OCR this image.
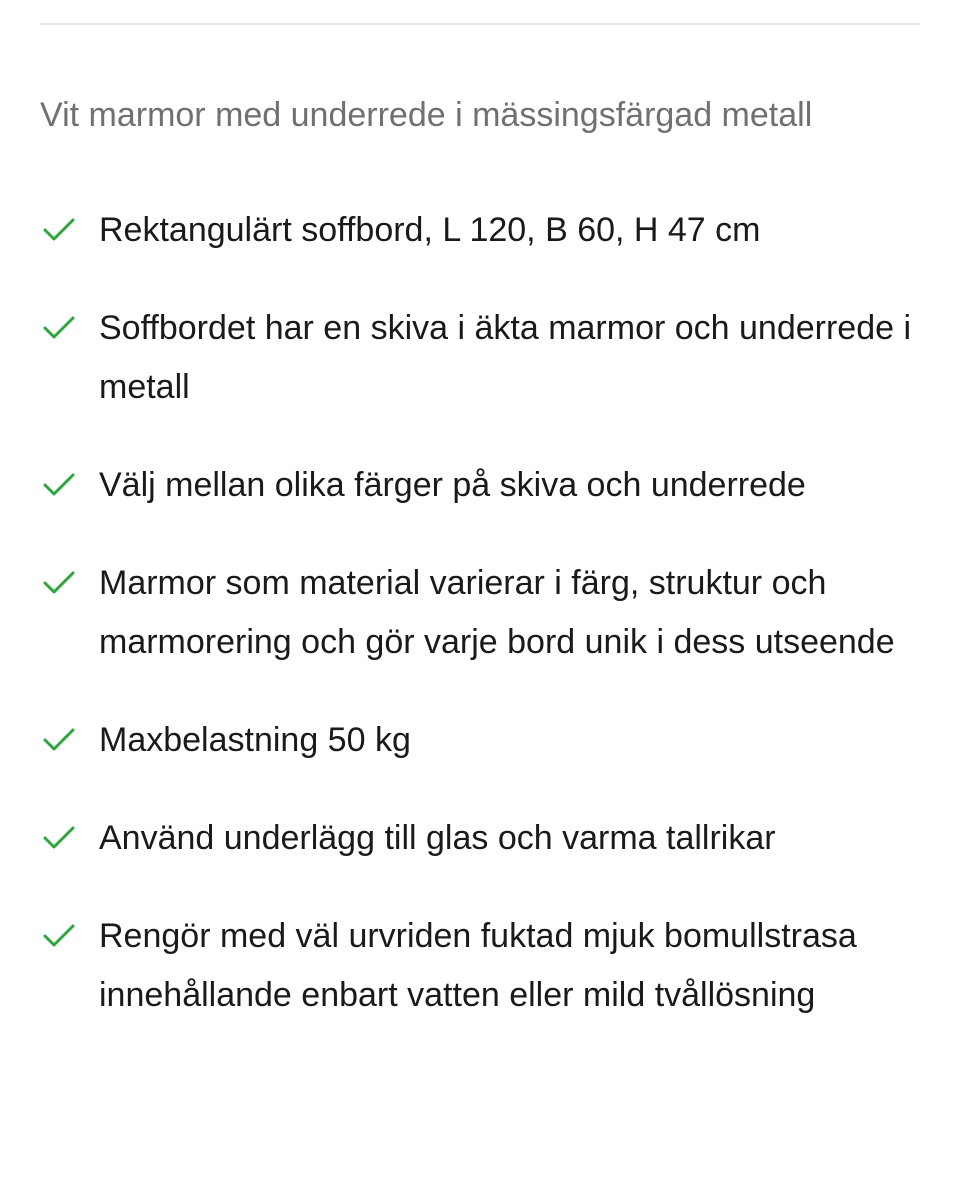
Vit marmor med underrede i mässingsfärgad metall

Rektangulärt soffbord, L 120, B 60, H 47 cm
Soffbordet har en skiva i äkta marmor och underrede i metall
Välj mellan olika färger på skiva och underrede
Marmor som material varierar i färg, struktur och marmorering och gör varje bord unik i dess utseende
Maxbelastning 50 kg
Använd underlägg till glas och varma tallrikar
Rengör med väl urvriden fuktad mjuk bomullstrasa innehållande enbart vatten eller mild tvållösning
